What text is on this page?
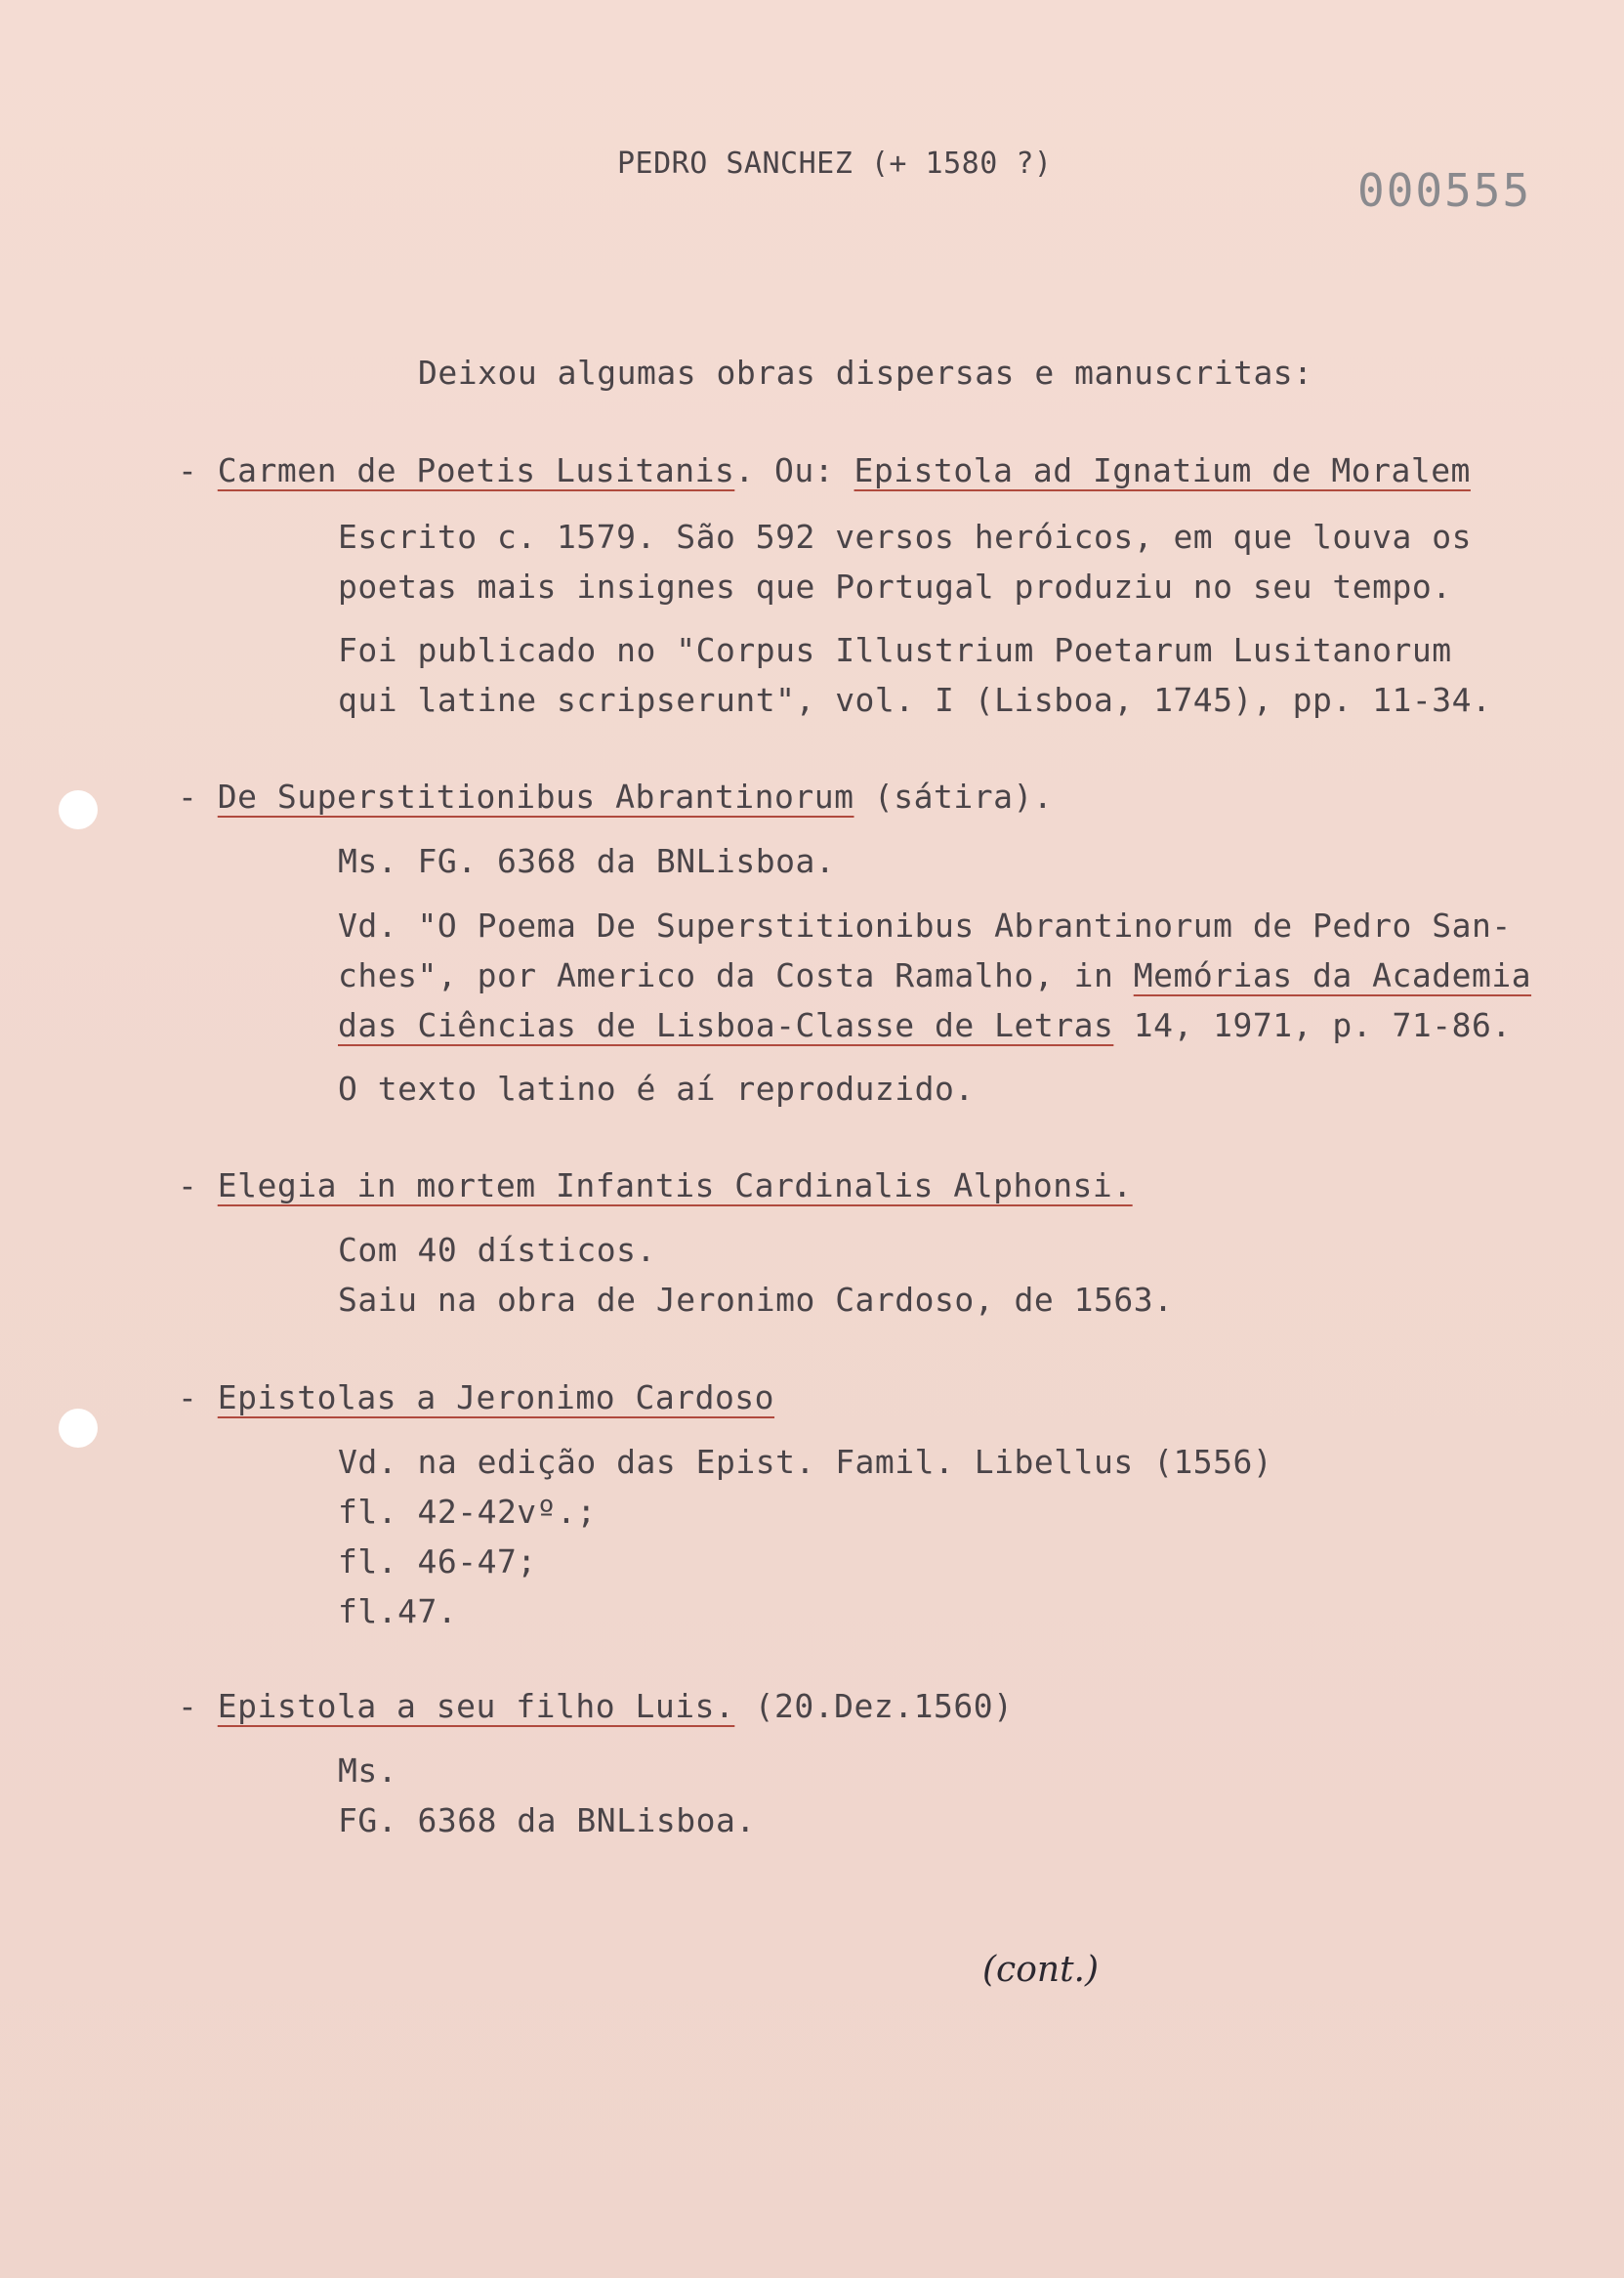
PEDRO SANCHEZ (+ 1580 ?)
000555
Deixou algumas obras dispersas e manuscritas:
- Carmen de Poetis Lusitanis. Ou: Epistola ad Ignatium de Moralem
Escrito c. 1579. São 592 versos heróicos, em que louva os
poetas mais insignes que Portugal produziu no seu tempo.
Foi publicado no "Corpus Illustrium Poetarum Lusitanorum
qui latine scripserunt", vol. I (Lisboa, 1745), pp. 11-34.
- De Superstitionibus Abrantinorum (sátira).
Ms. FG. 6368 da BNLisboa.
Vd. "O Poema De Superstitionibus Abrantinorum de Pedro San-
ches", por Americo da Costa Ramalho, in Memórias da Academia
das Ciências de Lisboa-Classe de Letras 14, 1971, p. 71-86.
O texto latino é aí reproduzido.
- Elegia in mortem Infantis Cardinalis Alphonsi.
Com 40 dísticos.
Saiu na obra de Jeronimo Cardoso, de 1563.
- Epistolas a Jeronimo Cardoso
Vd. na edição das Epist. Famil. Libellus (1556)
fl. 42-42vº.;
fl. 46-47;
fl.47.
- Epistola a seu filho Luis. (20.Dez.1560)
Ms.
FG. 6368 da BNLisboa.
(cont.)
